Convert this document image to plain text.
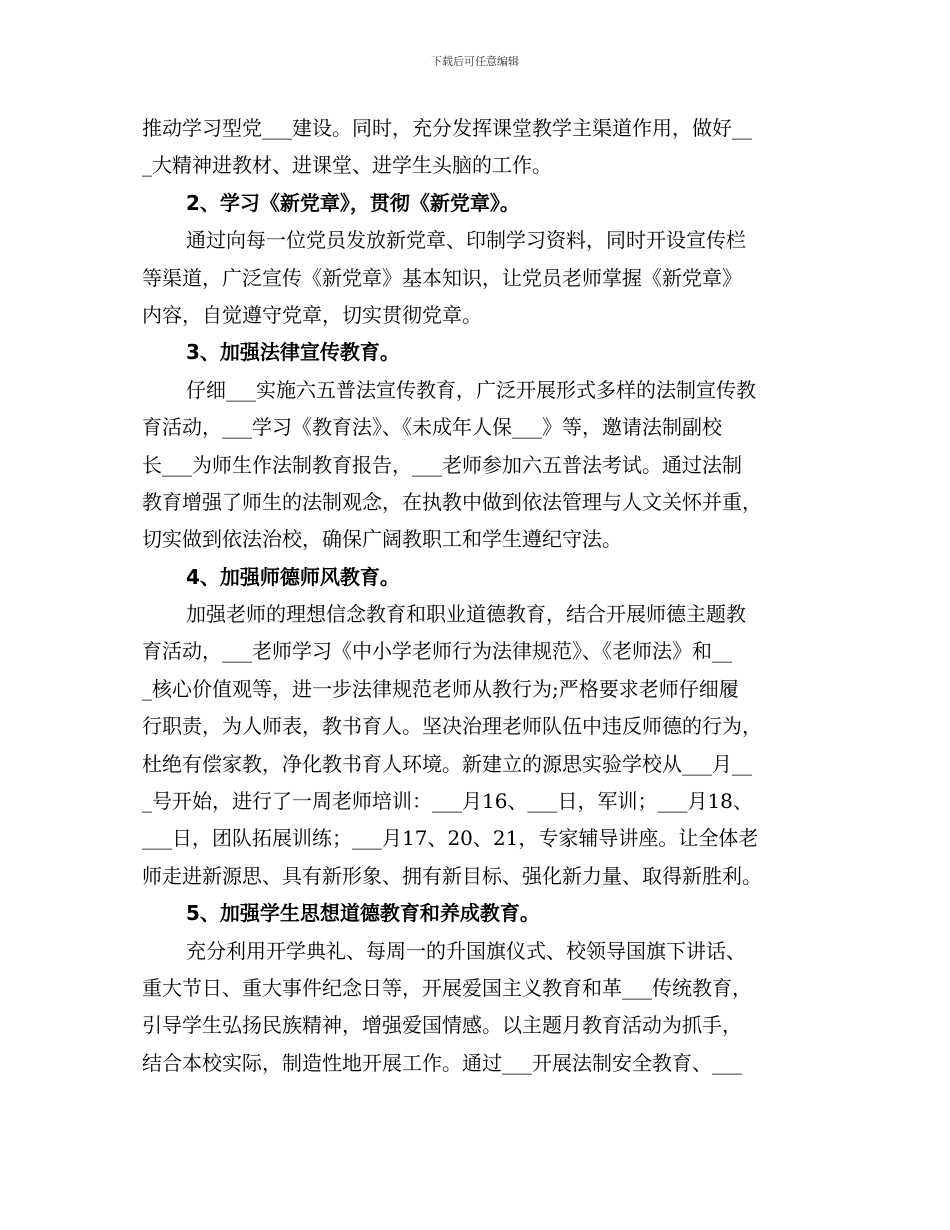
下载后可任意编辑
推动学习型党___建设。同时，充分发挥课堂教学主渠道作用，做好__
_大精神进教材、进课堂、进学生头脑的工作。
2、学习《新党章》，贯彻《新党章》。
通过向每一位党员发放新党章、印制学习资料，同时开设宣传栏
等渠道，广泛宣传《新党章》基本知识，让党员老师掌握《新党章》
内容，自觉遵守党章，切实贯彻党章。
3、加强法律宣传教育。
仔细___实施六五普法宣传教育，广泛开展形式多样的法制宣传教
育活动，___学习《教育法》、《未成年人保___》等，邀请法制副校
长___为师生作法制教育报告，___老师参加六五普法考试。通过法制
教育增强了师生的法制观念，在执教中做到依法管理与人文关怀并重，
切实做到依法治校，确保广阔教职工和学生遵纪守法。
4、加强师德师风教育。
加强老师的理想信念教育和职业道德教育，结合开展师德主题教
育活动，___老师学习《中小学老师行为法律规范》、《老师法》和__
_核心价值观等，进一步法律规范老师从教行为;严格要求老师仔细履
行职责，为人师表，教书育人。坚决治理老师队伍中违反师德的行为，
杜绝有偿家教，净化教书育人环境。新建立的源思实验学校从___月__
_号开始，进行了一周老师培训：___月16、___日，军训；___月18、
___日，团队拓展训练；___月17、20、21，专家辅导讲座。让全体老
师走进新源思、具有新形象、拥有新目标、强化新力量、取得新胜利。
5、加强学生思想道德教育和养成教育。
充分利用开学典礼、每周一的升国旗仪式、校领导国旗下讲话、
重大节日、重大事件纪念日等，开展爱国主义教育和革___传统教育，
引导学生弘扬民族精神，增强爱国情感。以主题月教育活动为抓手，
结合本校实际，制造性地开展工作。通过___开展法制安全教育、___
